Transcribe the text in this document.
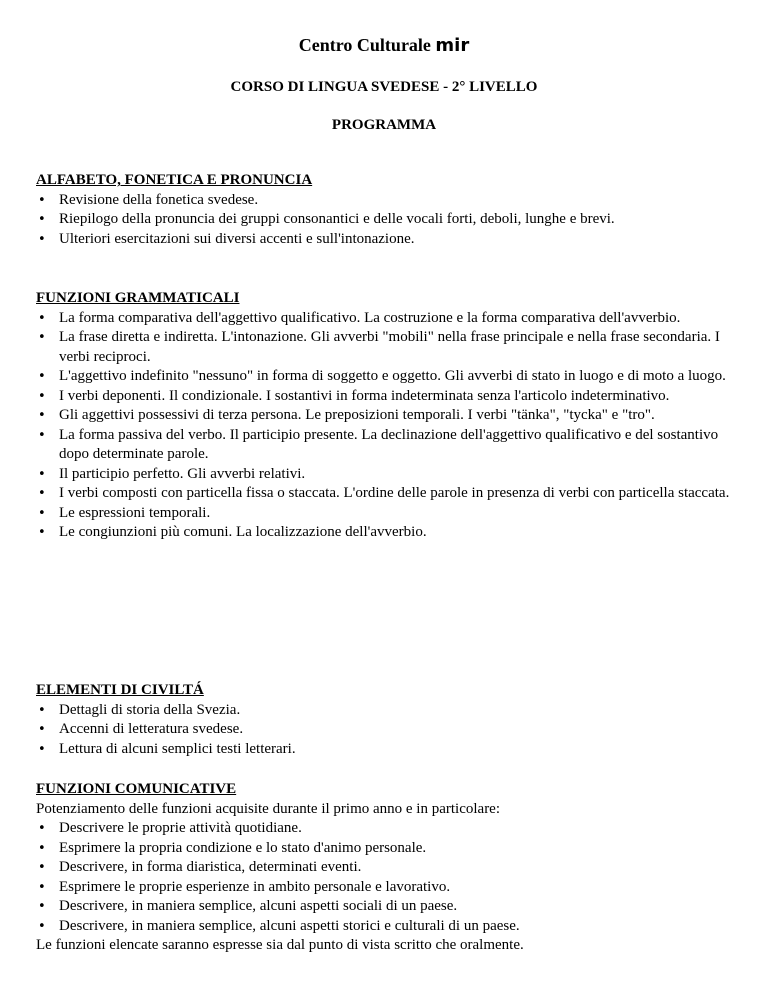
Centro Culturale mir
CORSO DI LINGUA SVEDESE - 2° LIVELLO
PROGRAMMA
ALFABETO, FONETICA E PRONUNCIA
• Revisione della fonetica svedese.
• Riepilogo della pronuncia dei gruppi consonantici e delle vocali forti, deboli, lunghe e brevi.
• Ulteriori esercitazioni sui diversi accenti e sull'intonazione.
FUNZIONI GRAMMATICALI
• La forma comparativa dell'aggettivo qualificativo. La costruzione e la forma comparativa dell'avverbio.
• La frase diretta e indiretta. L'intonazione. Gli avverbi "mobili" nella frase principale e nella frase secondaria. I verbi reciproci.
• L'aggettivo indefinito "nessuno" in forma di soggetto e oggetto. Gli avverbi di stato in luogo e di moto a luogo.
• I verbi deponenti. Il condizionale. I sostantivi in forma indeterminata senza l'articolo indeterminativo.
• Gli aggettivi possessivi di terza persona. Le preposizioni temporali. I verbi "tänka", "tycka" e "tro".
• La forma passiva del verbo. Il participio presente. La declinazione dell'aggettivo qualificativo e del sostantivo dopo determinate parole.
• Il participio perfetto. Gli avverbi relativi.
• I verbi composti con particella fissa o staccata. L'ordine delle parole in presenza di verbi con particella staccata.
• Le espressioni temporali.
• Le congiunzioni più comuni. La localizzazione dell'avverbio.
ELEMENTI DI CIVILTÁ
• Dettagli di storia della Svezia.
• Accenni di letteratura svedese.
• Lettura di alcuni semplici testi letterari.
FUNZIONI COMUNICATIVE

Potenziamento delle funzioni acquisite durante il primo anno e in particolare:

• Descrivere le proprie attività quotidiane.
• Esprimere la propria condizione e lo stato d'animo personale.
• Descrivere, in forma diaristica, determinati eventi.
• Esprimere le proprie esperienze in ambito personale e lavorativo.
• Descrivere, in maniera semplice, alcuni aspetti sociali di un paese.
• Descrivere, in maniera semplice, alcuni aspetti storici e culturali di un paese.

Le funzioni elencate saranno espresse sia dal punto di vista scritto che oralmente.
